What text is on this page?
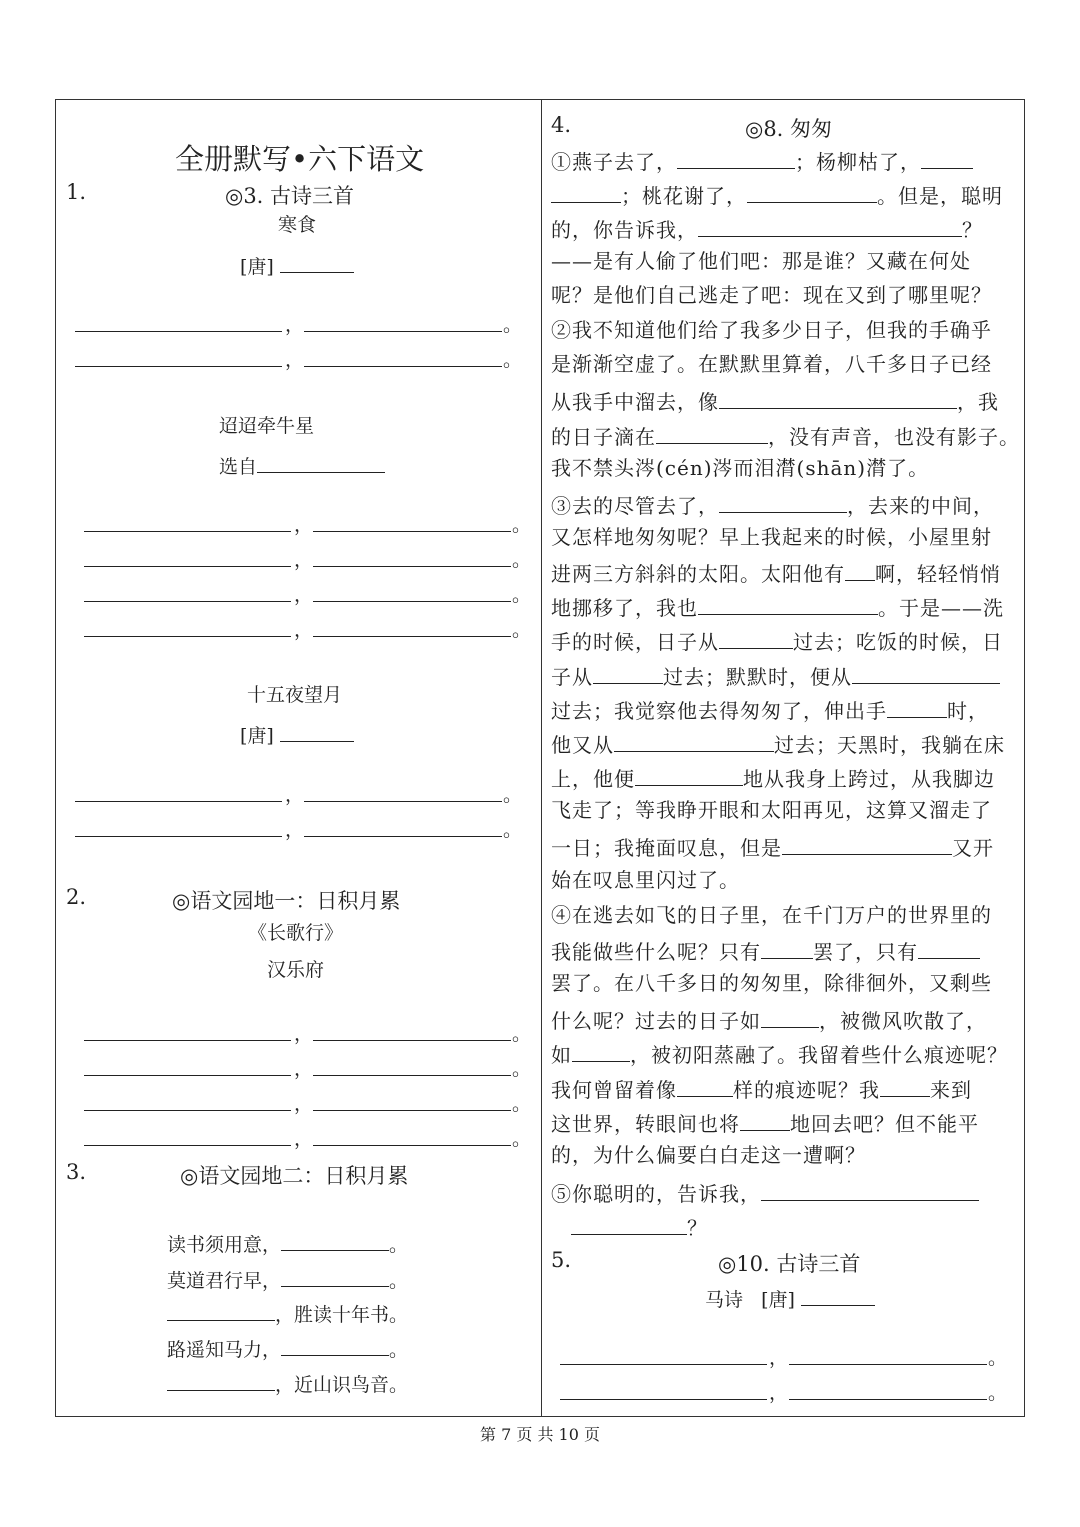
全册默写•六下语文
1.	◎3. 古诗三首
寒食
[唐]
，	。
，	。
迢迢牵牛星
选自
，	。
，	。
，	。
，	。
十五夜望月
[唐]
，	。
，	。
2.	◎语文园地一：日积月累
《长歌行》
汉乐府
，	。
，	。
，	。
，	。
3.	◎语文园地二：日积月累
读书须用意，	。
莫道君行早，	。
，胜读十年书。
路遥知马力，	。
，近山识鸟音。
4.	◎8. 匆匆
①燕子去了，	；杨柳枯了，
；桃花谢了，	。但是，聪明
的，你告诉我，	？
——是有人偷了他们吧：那是谁？又藏在何处
呢？是他们自己逃走了吧：现在又到了哪里呢？
②我不知道他们给了我多少日子，但我的手确乎
是渐渐空虚了。在默默里算着，八千多日子已经
从我手中溜去，像	，我
的日子滴在	，没有声音，也没有影子。
我不禁头涔(cén)涔而泪潸(shān)潸了。
③去的尽管去了，	，去来的中间，
又怎样地匆匆呢？早上我起来的时候，小屋里射
进两三方斜斜的太阳。太阳他有 啊，轻轻悄悄
地挪移了，我也	。于是——洗
手的时候，日子从	过去；吃饭的时候，日
子从	过去；默默时，便从
过去；我觉察他去得匆匆了，伸出手	时，
他又从	过去；天黑时，我躺在床
上，他便	地从我身上跨过，从我脚边
飞走了；等我睁开眼和太阳再见，这算又溜走了
一日；我掩面叹息，但是	又开
始在叹息里闪过了。
④在逃去如飞的日子里，在千门万户的世界里的
我能做些什么呢？只有	罢了，只有
罢了。在八千多日的匆匆里，除徘徊外，又剩些
什么呢？过去的日子如	，被微风吹散了，
如	，被初阳蒸融了。我留着些什么痕迹呢？
我何曾留着像	样的痕迹呢？我	来到
这世界，转眼间也将	地回去吧？但不能平
的，为什么偏要白白走这一遭啊？
⑤你聪明的，告诉我，
？
5.	◎10. 古诗三首
马诗 [唐]
，	。
，	。
第 7 页 共 10 页
